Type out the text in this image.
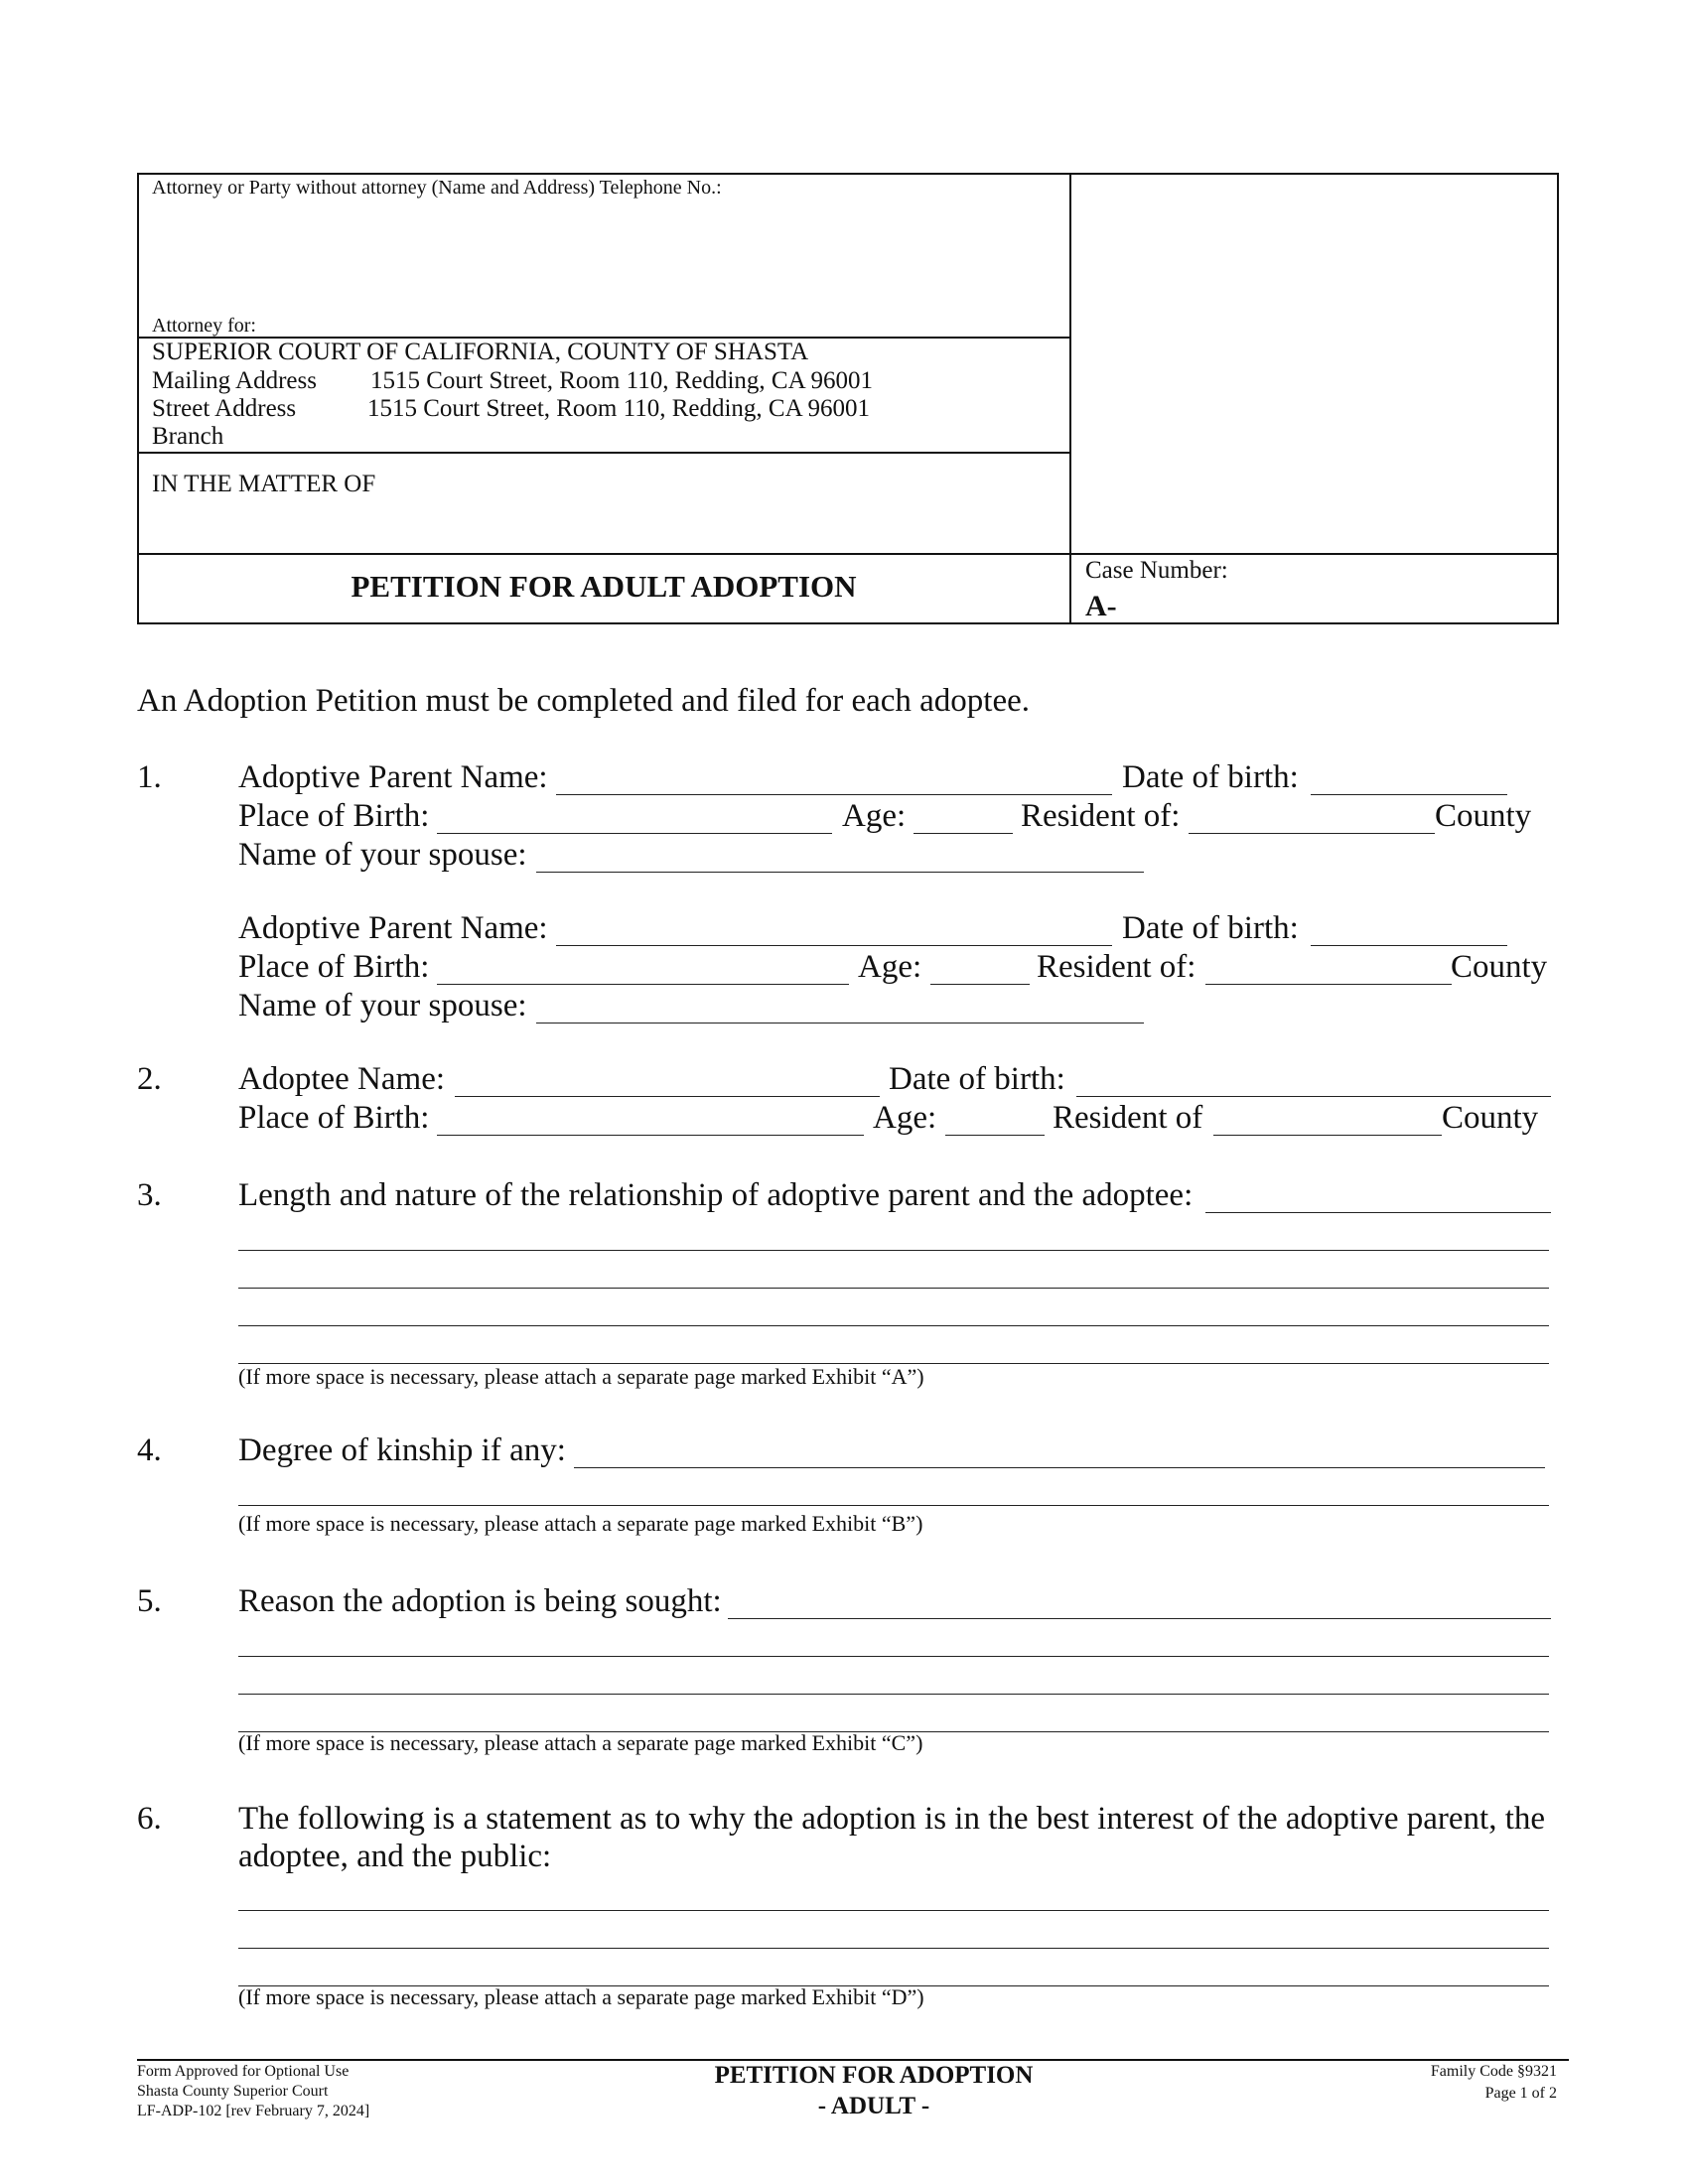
Attorney or Party without attorney (Name and Address) Telephone No.:
Attorney for:
SUPERIOR COURT OF CALIFORNIA, COUNTY OF SHASTA
Mailing Address 1515 Court Street, Room 110, Redding, CA 96001
Street Address	1515 Court Street, Room 110, Redding, CA 96001
Branch
IN THE MATTER OF
PETITION FOR ADULT ADOPTION	Case Number:
A-
An Adoption Petition must be completed and filed for each adoptee.
1. Adoptive Parent Name:	Date of birth:
Place of Birth:	Age:	Resident of:	County
Name of your spouse:
Adoptive Parent Name:	Date of birth:
Place of Birth:	Age:	Resident of:	County
Name of your spouse:
2. Adoptee Name:	Date of birth:
Place of Birth:	Age:	Resident of	County
3. Length and nature of the relationship of adoptive parent and the adoptee:
(If more space is necessary, please attach a separate page marked Exhibit “A”)
4. Degree of kinship if any:
(If more space is necessary, please attach a separate page marked Exhibit “B”)
5. Reason the adoption is being sought:
(If more space is necessary, please attach a separate page marked Exhibit “C”)
6. The following is a statement as to why the adoption is in the best interest of the adoptive parent, the
adoptee, and the public:
(If more space is necessary, please attach a separate page marked Exhibit “D”)
Form Approved for Optional Use
Shasta County Superior Court
LF-ADP-102 [rev February 7, 2024]
PETITION FOR ADOPTION
- ADULT -
Family Code §9321
Page 1 of 2
